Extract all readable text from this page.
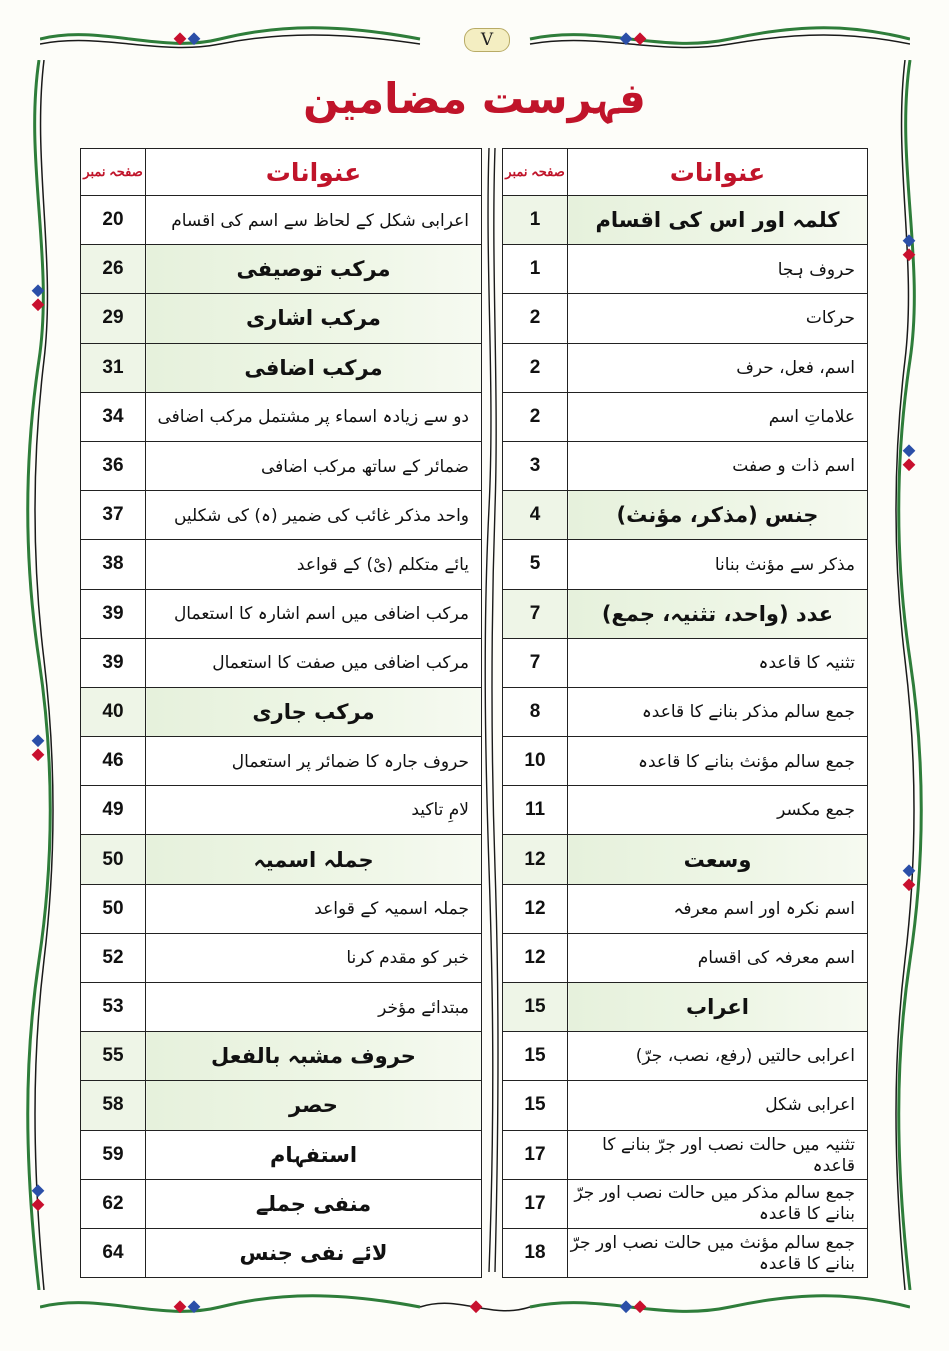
V
فہرست مضامین
صفحہ نمبر	عنوانات
20	اعرابی شکل کے لحاظ سے اسم کی اقسام
26	مرکب توصیفی
29	مرکب اشاری
31	مرکب اضافی
34	دو سے زیادہ اسماء پر مشتمل مرکب اضافی
36	ضمائر کے ساتھ مرکب اضافی
37	واحد مذکر غائب کی ضمیر (ہ) کی شکلیں
38	یائے متکلم (یْ) کے قواعد
39	مرکب اضافی میں اسم اشارہ کا استعمال
39	مرکب اضافی میں صفت کا استعمال
40	مرکب جاری
46	حروف جارہ کا ضمائر پر استعمال
49	لامِ تاکید
50	جملہ اسمیہ
50	جملہ اسمیہ کے قواعد
52	خبر کو مقدم کرنا
53	مبتدائے مؤخر
55	حروف مشبہ بالفعل
58	حصر
59	استفہام
62	منفی جملے
64	لائے نفی جنس
صفحہ نمبر	عنوانات
1	کلمہ اور اس کی اقسام
1	حروف ہجا
2	حرکات
2	اسم، فعل، حرف
2	علاماتِ اسم
3	اسم ذات و صفت
4	جنس (مذکر، مؤنث)
5	مذکر سے مؤنث بنانا
7	عدد (واحد، تثنیہ، جمع)
7	تثنیہ کا قاعدہ
8	جمع سالم مذکر بنانے کا قاعدہ
10	جمع سالم مؤنث بنانے کا قاعدہ
11	جمع مکسر
12	وسعت
12	اسم نکرہ اور اسم معرفہ
12	اسم معرفہ کی اقسام
15	اعراب
15	اعرابی حالتیں (رفع، نصب، جرّ)
15	اعرابی شکل
17	تثنیہ میں حالت نصب اور جرّ بنانے کا قاعدہ
17	جمع سالم مذکر میں حالت نصب اور جرّ بنانے کا قاعدہ
18	جمع سالم مؤنث میں حالت نصب اور جرّ بنانے کا قاعدہ
